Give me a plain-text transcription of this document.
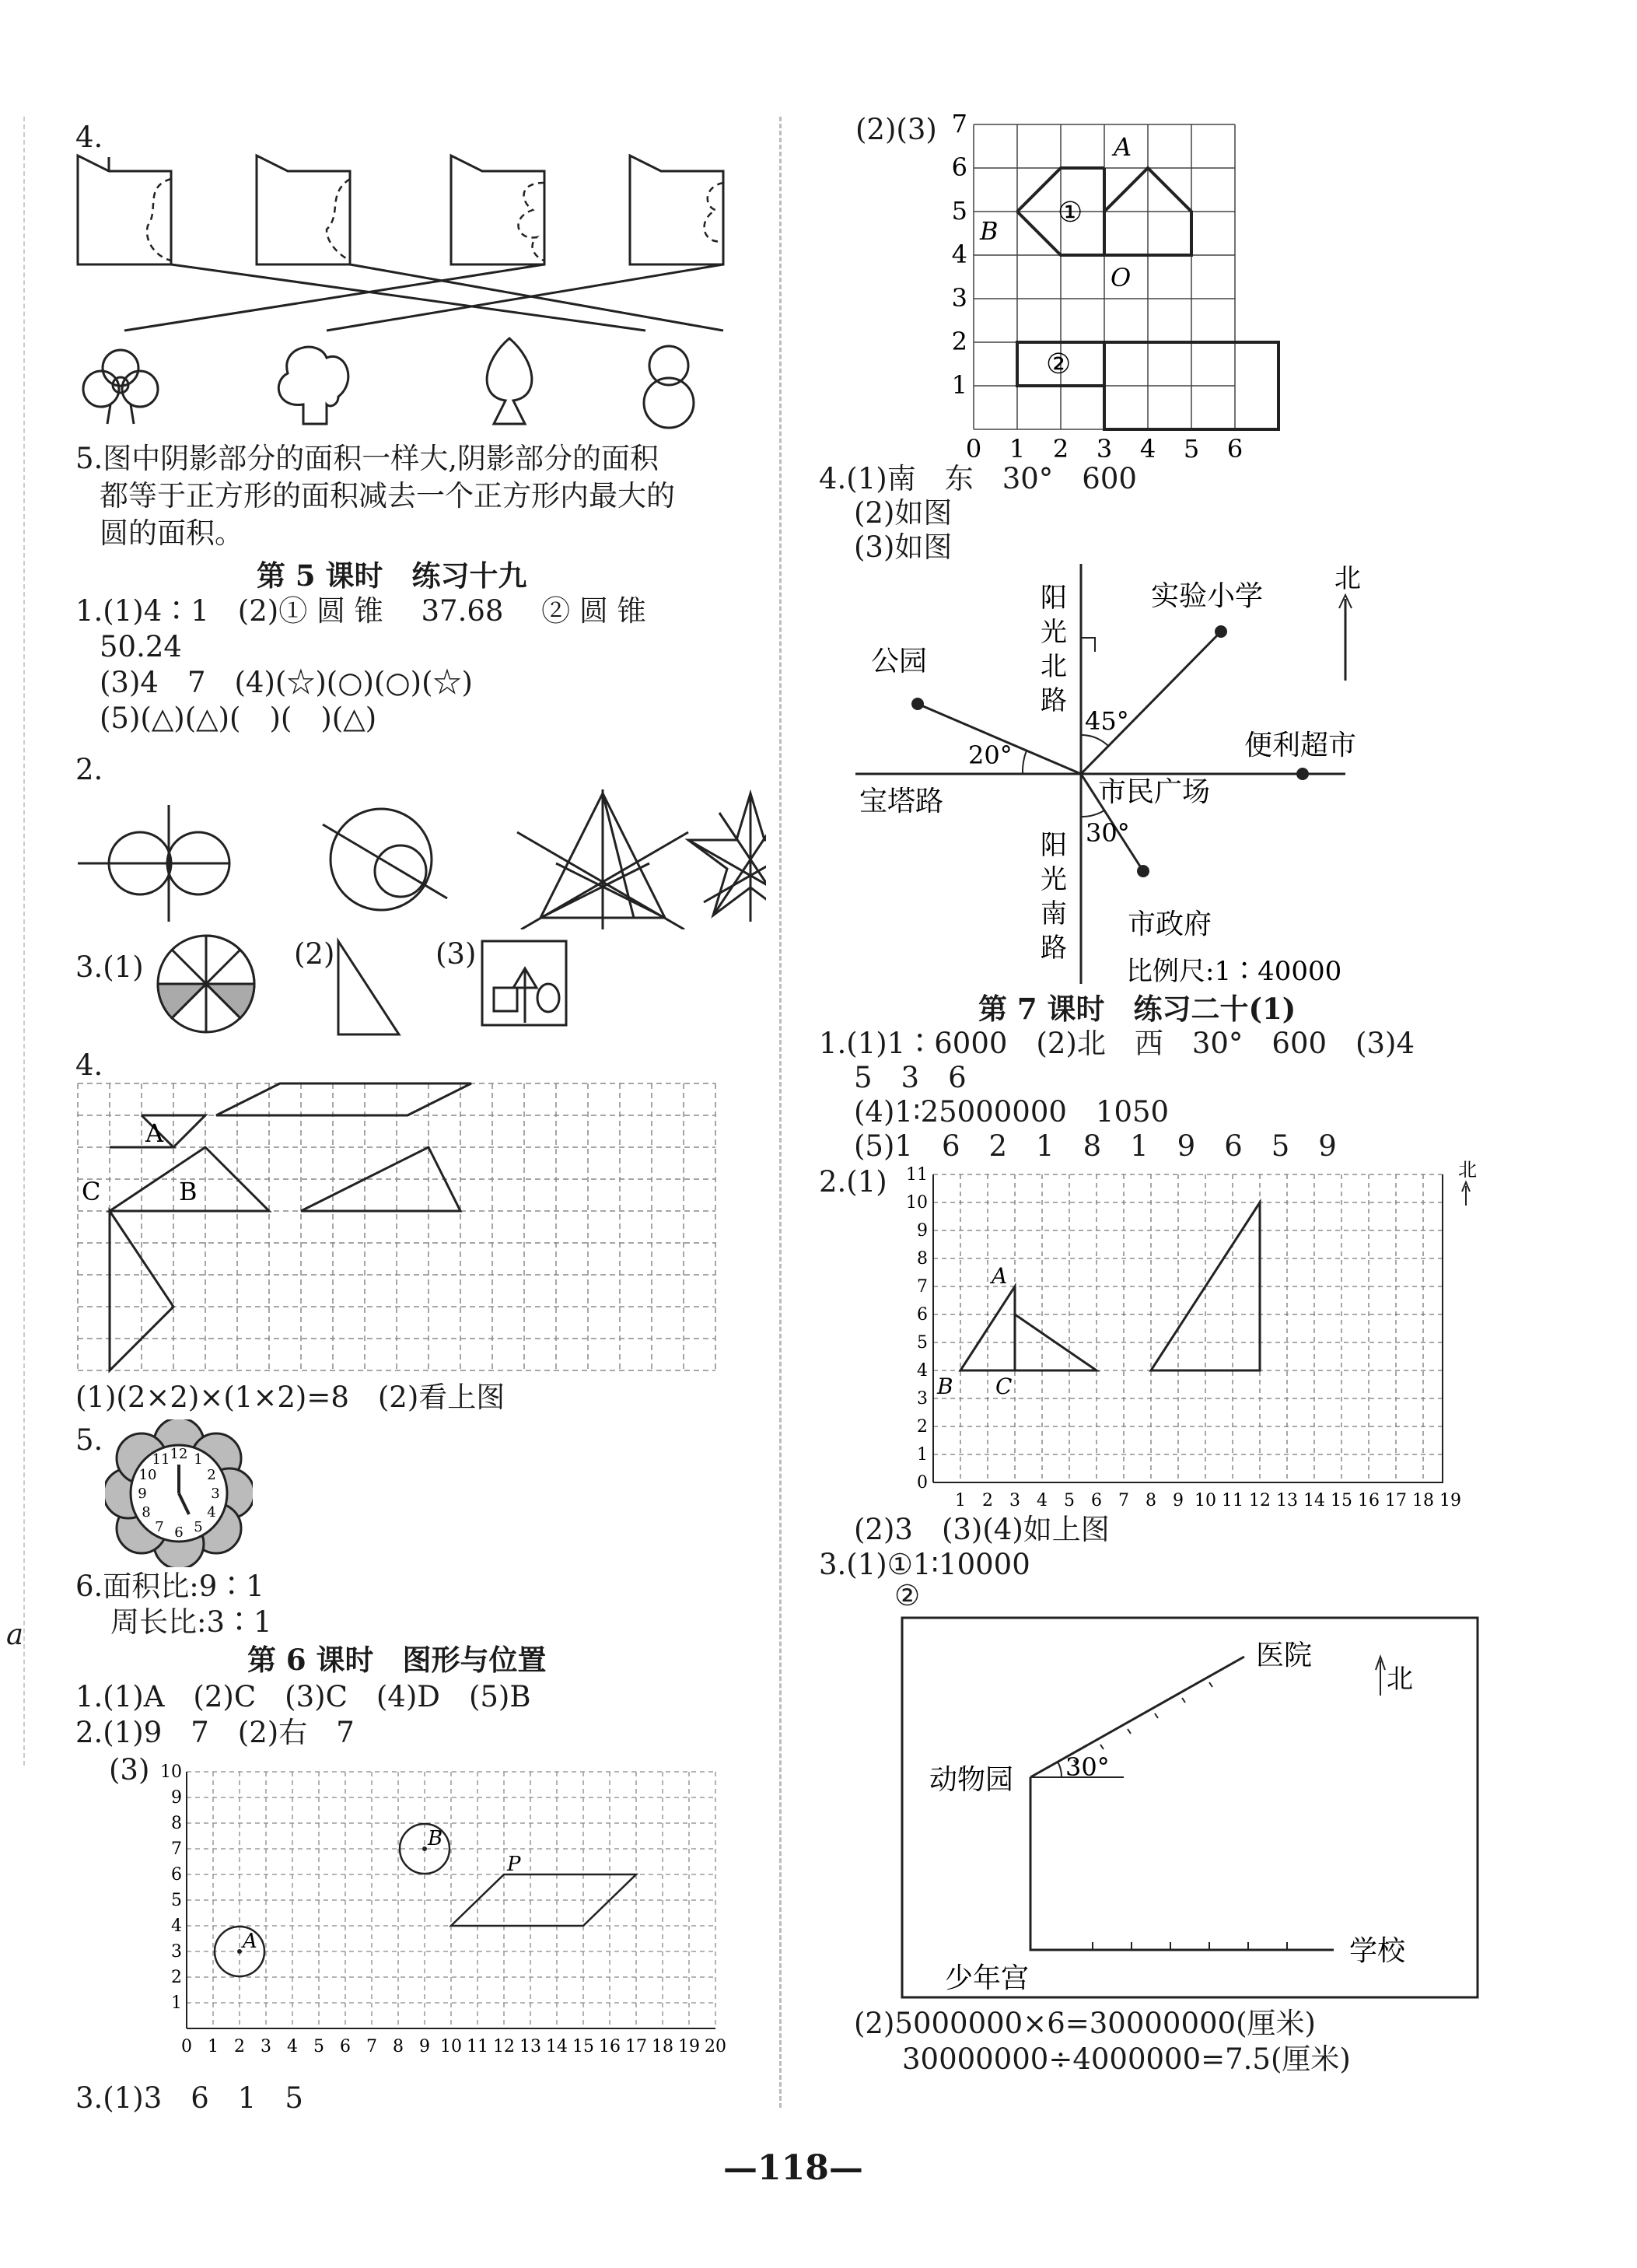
a
4.
5.图中阴影部分的面积一样大,阴影部分的面积
都等于正方形的面积减去一个正方形内最大的
圆的面积。
第 5 课时　练习十九
1.(1)4∶1　(2)① 圆 锥　 37.68　 ② 圆 锥
50.24
(3)4　7　(4)(☆)(○)(○)(☆)
(5)(△)(△)(　)(　)(△)
2.
3.(1)	(2)	(3)
4.
A
B
C
(1)(2×2)×(1×2)=8　(2)看上图
5.	12 1
2
3
4
5
6
7
8
9
10
11
6.面积比:9∶1
周长比:3∶1
第 6 课时　图形与位置
1.(1)A　(2)C　(3)C　(4)D　(5)B
2.(1)9　7　(2)右　7
(3) 10
9
8
7
6
5
4
3
2
1
0 1 2 3 4 5 6 7 8 9 10 11 12 13 14 15 16 17 18 19 20
A
B
P
3.(1)3　6　1　5
(2)(3) 7
6
5
4
3
2
1
0 1 2 3 4 5 6
A
B
O
①
②
4.(1)南　东　30°　600
(2)如图
(3)如图
北
实验小学
公园
阳
光
北
路
阳
光
南
路
45°
20°
30°
便利超市
宝塔路	市民广场
市政府
比例尺:1∶40000
第 7 课时　练习二十(1)
1.(1)1∶6000　(2)北　西　30°　600　(3)4
5　3　6
(4)1∶25000000　1050
(5)1　6　2　1　8　1　9　6　5　9
2.(1)	北
11
10
9
8
7
6
5
4
3
2
1
0
1 2 3 4 5 6 7 8 9 10 11 12 13 14 15 16 17 18 19
A
B C
(2)3　(3)(4)如上图
3.(1)①1∶10000
②
医院
北
动物园 30°
少年宫
学校
(2)5000000×6=30000000(厘米)
30000000÷4000000=7.5(厘米)
—118—
